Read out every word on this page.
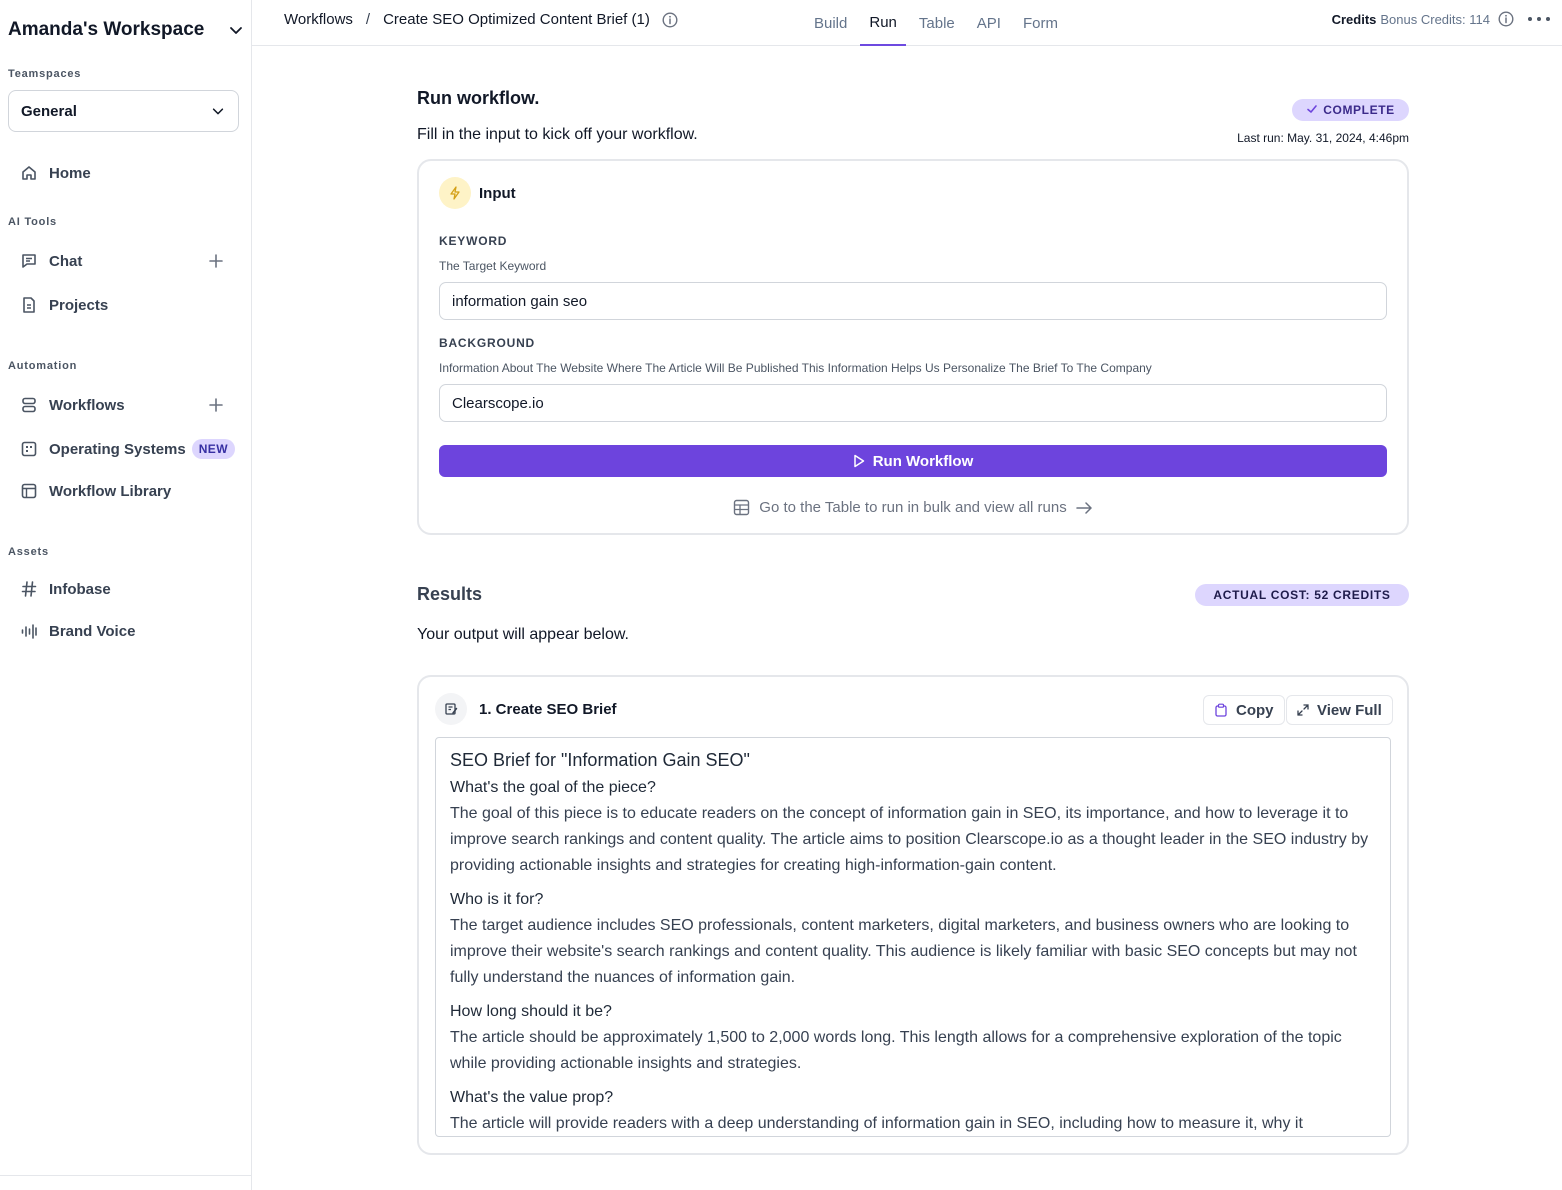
Amanda's Workspace
Teamspaces
General
Home
AI Tools
Chat
Projects
Automation
Workflows
Operating Systems	NEW
Workflow Library
Assets
Infobase
Brand Voice
Workflows / Create SEO Optimized Content Brief (1)	Build	Run	Table	API	Form	Credits Bonus Credits: 114
Run workflow.
Fill in the input to kick off your workflow.
COMPLETE
Last run: May. 31, 2024, 4:46pm
Input
KEYWORD
The Target Keyword
information gain seo
BACKGROUND
Information About The Website Where The Article Will Be Published This Information Helps Us Personalize The Brief To The Company
Clearscope.io
Run Workflow
Go to the Table to run in bulk and view all runs
Results	ACTUAL COST: 52 CREDITS
Your output will appear below.
1. Create SEO Brief	Copy	View Full
SEO Brief for "Information Gain SEO"
What's the goal of the piece?

The goal of this piece is to educate readers on the concept of information gain in SEO, its importance, and how to leverage it to improve search rankings and content quality. The article aims to position Clearscope.io as a thought leader in the SEO industry by providing actionable insights and strategies for creating high-information-gain content.

Who is it for?

The target audience includes SEO professionals, content marketers, digital marketers, and business owners who are looking to improve their website's search rankings and content quality. This audience is likely familiar with basic SEO concepts but may not fully understand the nuances of information gain.

How long should it be?

The article should be approximately 1,500 to 2,000 words long. This length allows for a comprehensive exploration of the topic while providing actionable insights and strategies.

What's the value prop?

The article will provide readers with a deep understanding of information gain in SEO, including how to measure it, why it
